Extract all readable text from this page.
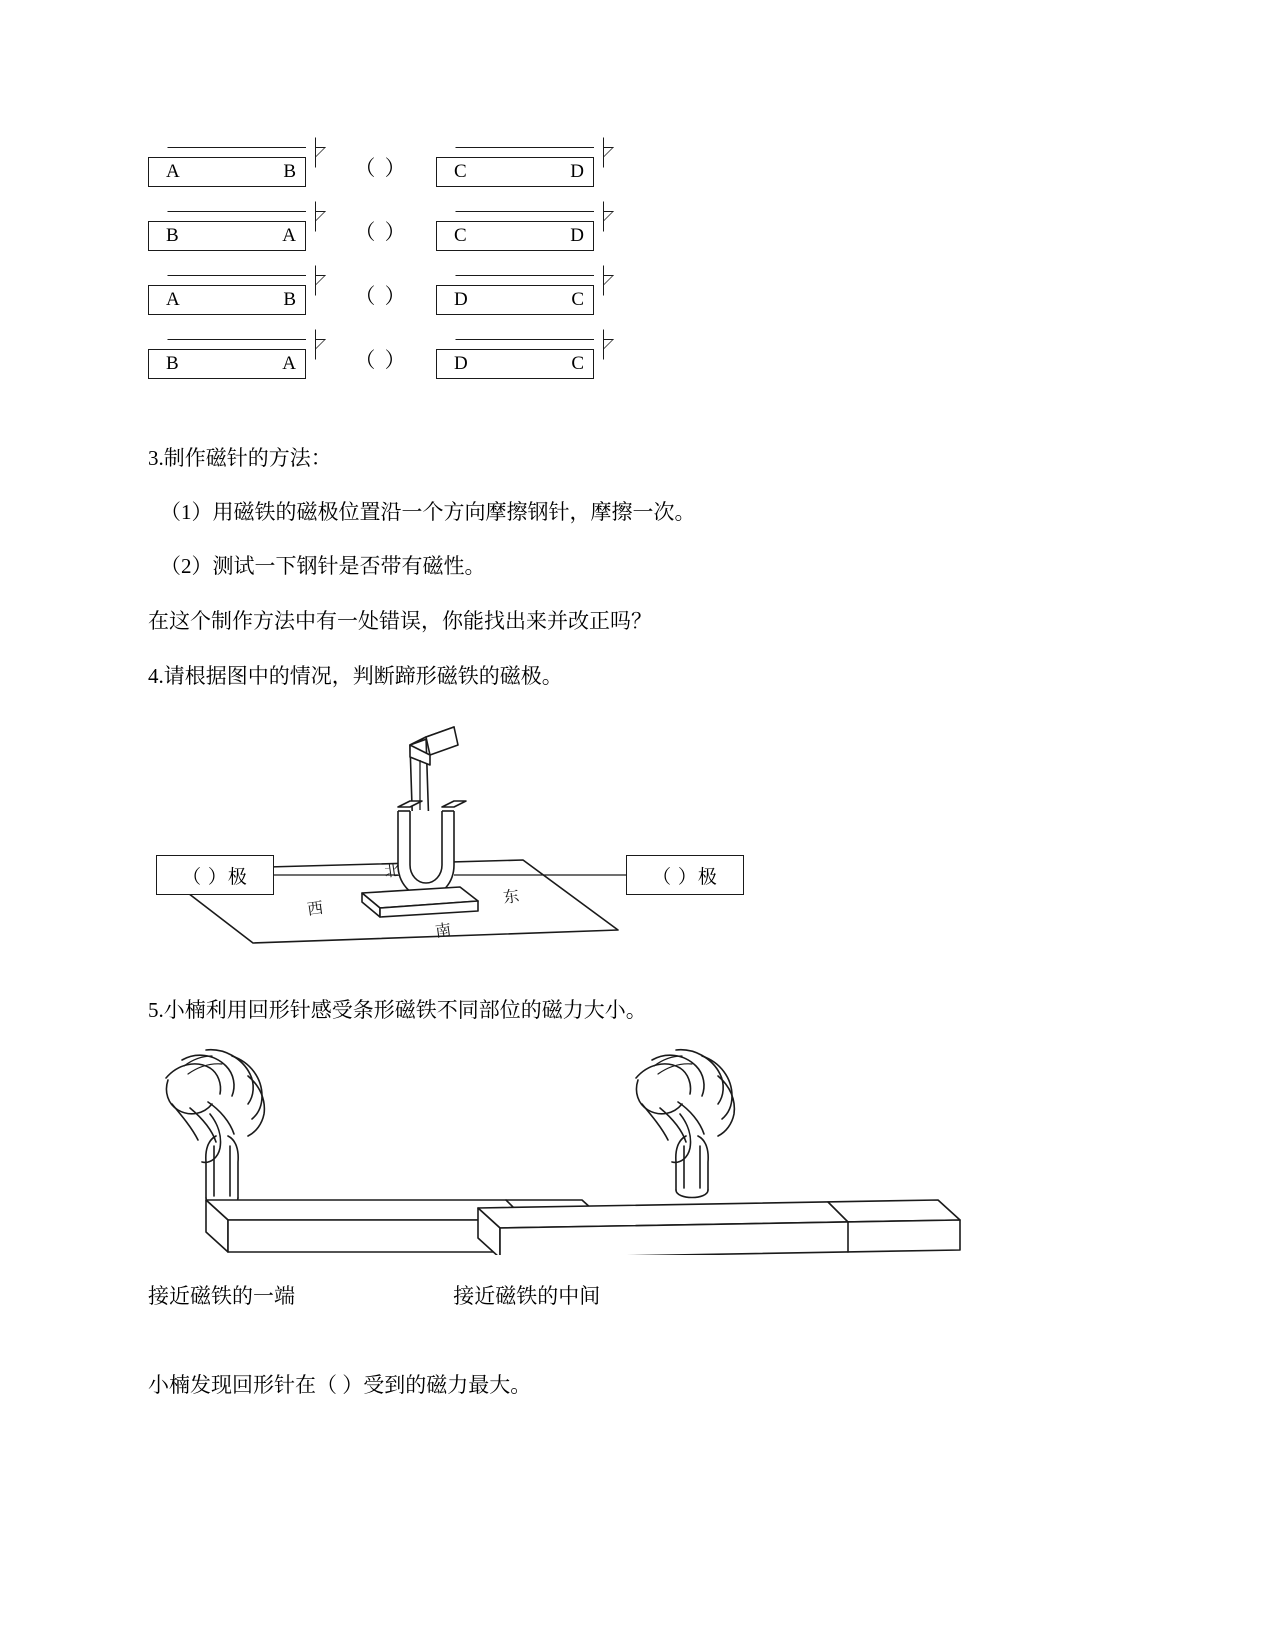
A	B	（ ）	C	D
B	A	（ ）	C	D
A	B	（ ）	D	C
B	A	（ ）	D	C
3.制作磁针的方法：
（1）用磁铁的磁极位置沿一个方向摩擦钢针，摩擦一次。
（2）测试一下钢针是否带有磁性。
在这个制作方法中有一处错误，你能找出来并改正吗？
4.请根据图中的情况，判断蹄形磁铁的磁极。
西
北
南
东
（ ）极	（ ）极
5.小楠利用回形针感受条形磁铁不同部位的磁力大小。
接近磁铁的一端	接近磁铁的中间
小楠发现回形针在（ ）受到的磁力最大。
